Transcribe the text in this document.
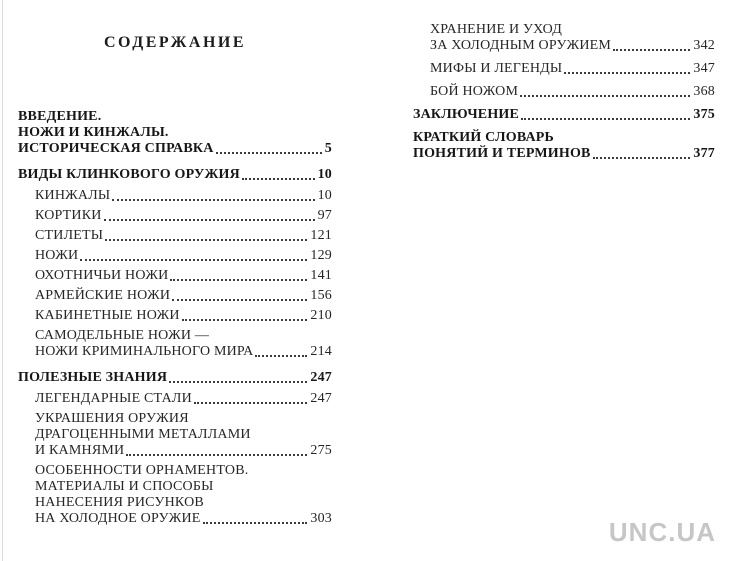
СОДЕРЖАНИЕ
ВВЕДЕНИЕ.
НОЖИ И КИНЖАЛЫ.
ИСТОРИЧЕСКАЯ СПРАВКА	5
ВИДЫ КЛИНКОВОГО ОРУЖИЯ	10
КИНЖАЛЫ	10
КОРТИКИ	97
СТИЛЕТЫ	121
НОЖИ	129
ОХОТНИЧЬИ НОЖИ	141
АРМЕЙСКИЕ НОЖИ	156
КАБИНЕТНЫЕ НОЖИ	210
САМОДЕЛЬНЫЕ НОЖИ —
НОЖИ КРИМИНАЛЬНОГО МИРА	214
ПОЛЕЗНЫЕ ЗНАНИЯ	247
ЛЕГЕНДАРНЫЕ СТАЛИ	247
УКРАШЕНИЯ ОРУЖИЯ
ДРАГОЦЕННЫМИ МЕТАЛЛАМИ
И КАМНЯМИ	275
ОСОБЕННОСТИ ОРНАМЕНТОВ.
МАТЕРИАЛЫ И СПОСОБЫ
НАНЕСЕНИЯ РИСУНКОВ
НА ХОЛОДНОЕ ОРУЖИЕ	303
ХРАНЕНИЕ И УХОД
ЗА ХОЛОДНЫМ ОРУЖИЕМ	342
МИФЫ И ЛЕГЕНДЫ	347
БОЙ НОЖОМ	368
ЗАКЛЮЧЕНИЕ	375
КРАТКИЙ СЛОВАРЬ
ПОНЯТИЙ И ТЕРМИНОВ	377
UNC.UA
